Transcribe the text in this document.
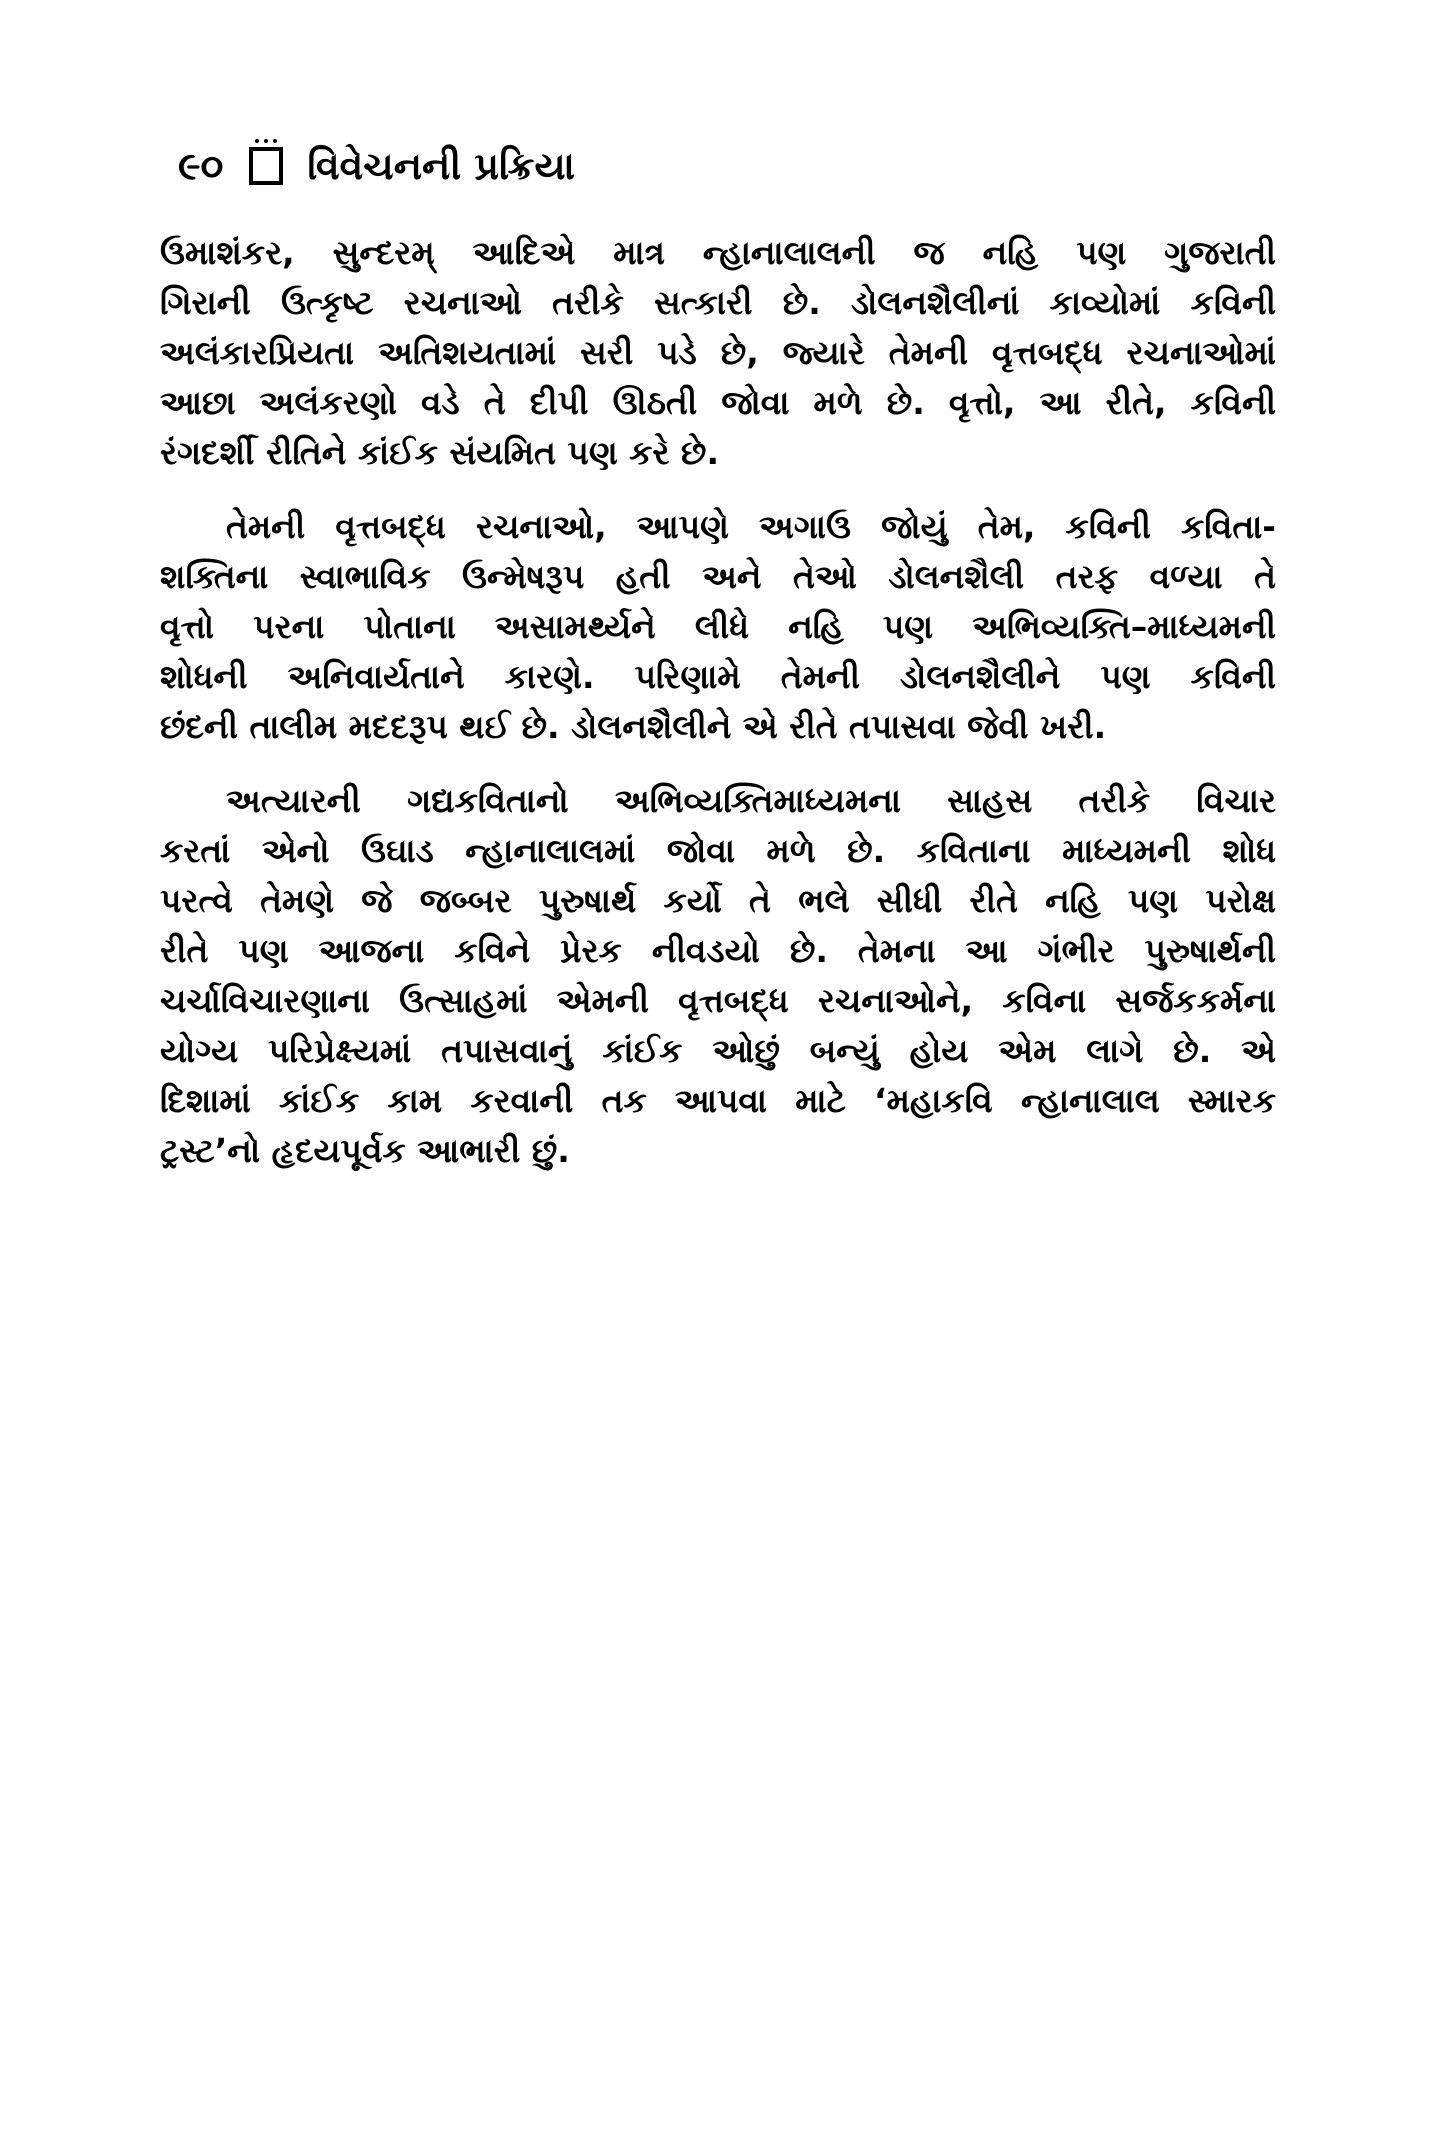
૯૦ વિવેચનની પ્રક્રિયા
ઉમાશંકર, સુન્દરમ્ આદિએ માત્ર ન્હાનાલાલની જ નહિ પણ ગુજરાતી
ગિરાની ઉત્કૃષ્ટ રચનાઓ તરીકે સત્કારી છે. ડોલનશૈલીનાં કાવ્યોમાં કવિની
અલંકારપ્રિયતા અતિશયતામાં સરી પડે છે, જ્યારે તેમની વૃત્તબદ્ધ રચનાઓમાં
આછા અલંકરણો વડે તે દીપી ઊઠતી જોવા મળે છે. વૃત્તો, આ રીતે, કવિની
રંગદર્શી રીતિને કાંઈક સંયમિત પણ કરે છે.
તેમની વૃત્તબદ્ધ રચનાઓ, આપણે અગાઉ જોયું તેમ, કવિની કવિતા-
શક્તિના સ્વાભાવિક ઉન્મેષરૂપ હતી અને તેઓ ડોલનશૈલી તરફ વળ્યા તે
વૃત્તો પરના પોતાના અસામર્થ્યને લીધે નહિ પણ અભિવ્યક્તિ–માધ્યમની
શોધની અનિવાર્યતાને કારણે. પરિણામે તેમની ડોલનશૈલીને પણ કવિની
છંદની તાલીમ મદદરૂપ થઈ છે. ડોલનશૈલીને એ રીતે તપાસવા જેવી ખરી.
અત્યારની ગદ્યકવિતાનો અભિવ્યક્તિમાધ્યમના સાહસ તરીકે વિચાર
કરતાં એનો ઉઘાડ ન્હાનાલાલમાં જોવા મળે છે. કવિતાના માધ્યમની શોધ
પરત્વે તેમણે જે જબ્બર પુરુષાર્થ કર્યો તે ભલે સીધી રીતે નહિ પણ પરોક્ષ
રીતે પણ આજના કવિને પ્રેરક નીવડયો છે. તેમના આ ગંભીર પુરુષાર્થની
ચર્ચાવિચારણાના ઉત્સાહમાં એમની વૃત્તબદ્ધ રચનાઓને, કવિના સર્જકકર્મના
યોગ્ય પરિપ્રેક્ષ્યમાં તપાસવાનું કાંઈક ઓછું બન્યું હોય એમ લાગે છે. એ
દિશામાં કાંઈક કામ કરવાની તક આપવા માટે ‘મહાકવિ ન્હાનાલાલ સ્મારક
ટ્રસ્ટ’નો હૃદયપૂર્વક આભારી છું.
